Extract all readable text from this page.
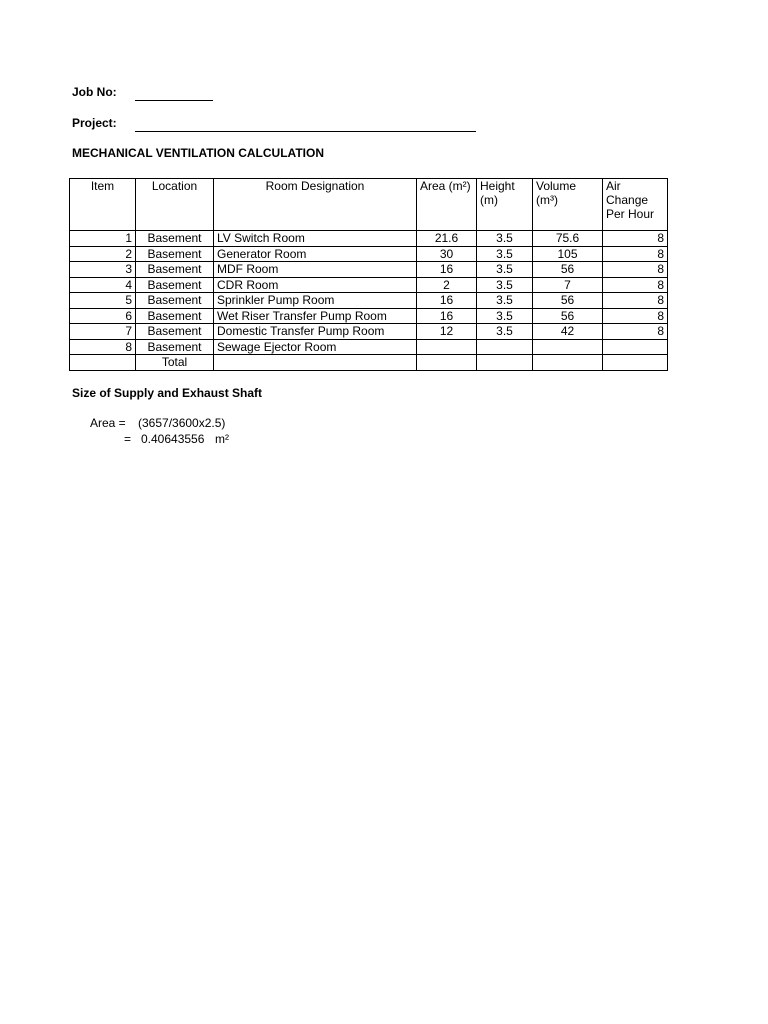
Job No:
Project:
MECHANICAL VENTILATION CALCULATION
Item	Location	Room Designation	Area (m²)	Height (m)	Volume (m³)	Air Change Per Hour
1	Basement	LV Switch Room	21.6	3.5	75.6	8
2	Basement	Generator Room	30	3.5	105	8
3	Basement	MDF Room	16	3.5	56	8
4	Basement	CDR Room	2	3.5	7	8
5	Basement	Sprinkler Pump Room	16	3.5	56	8
6	Basement	Wet Riser Transfer Pump Room	16	3.5	56	8
7	Basement	Domestic Transfer Pump Room	12	3.5	42	8
8	Basement	Sewage Ejector Room				
	Total					
Size of Supply and Exhaust Shaft
Area = (3657/3600x2.5)
= 0.40643556 m²
